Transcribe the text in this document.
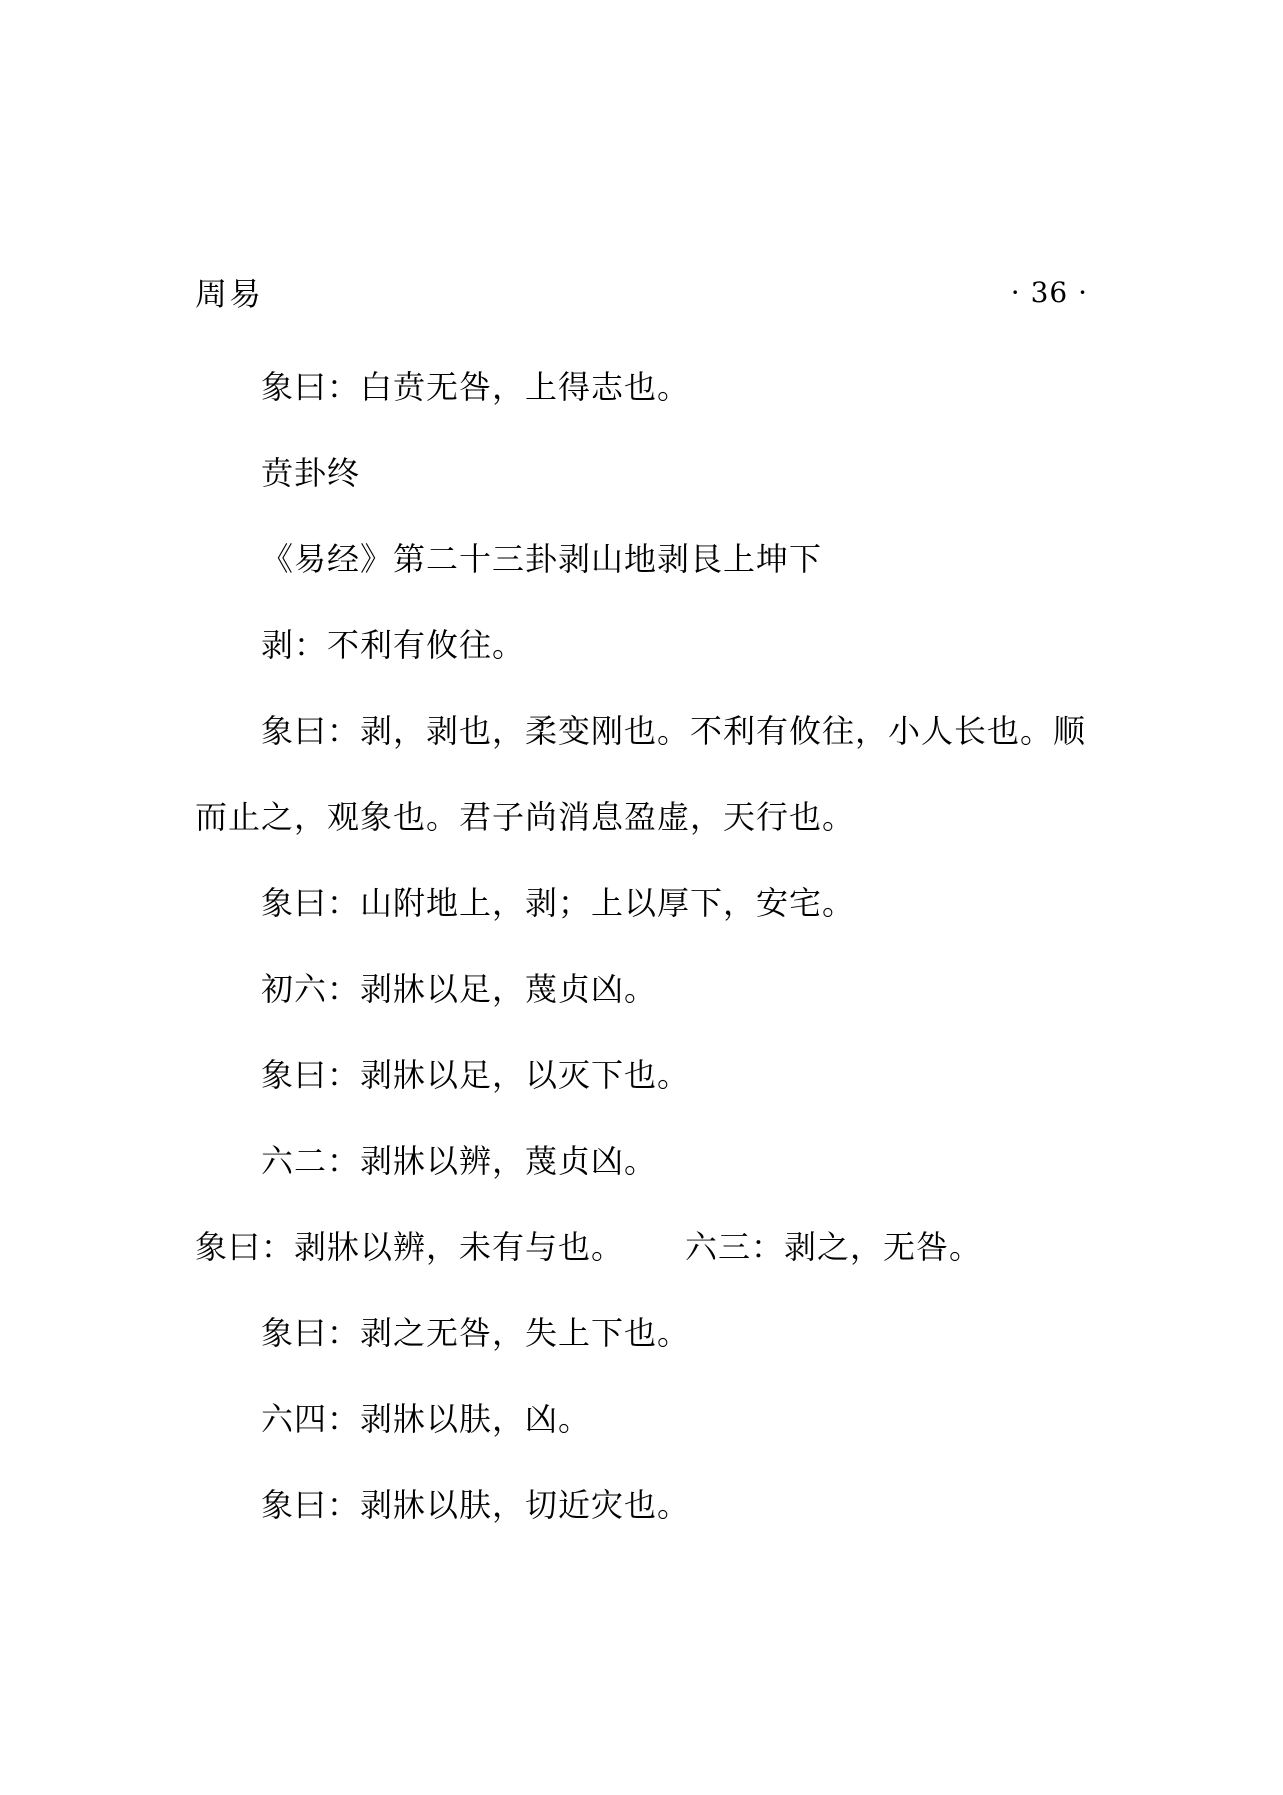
周易	· 36 ·
象曰：白贲无咎，上得志也。
贲卦终
《易经》第二十三卦剥山地剥艮上坤下
剥：不利有攸往。
象曰：剥，剥也，柔变刚也。不利有攸往，小人长也。顺
而止之，观象也。君子尚消息盈虚，天行也。
象曰：山附地上，剥；上以厚下，安宅。
初六：剥牀以足，蔑贞凶。
象曰：剥牀以足，以灭下也。
六二：剥牀以辨，蔑贞凶。
象曰：剥牀以辨，未有与也。	六三：剥之，无咎。
象曰：剥之无咎，失上下也。
六四：剥牀以肤，凶。
象曰：剥牀以肤，切近灾也。
